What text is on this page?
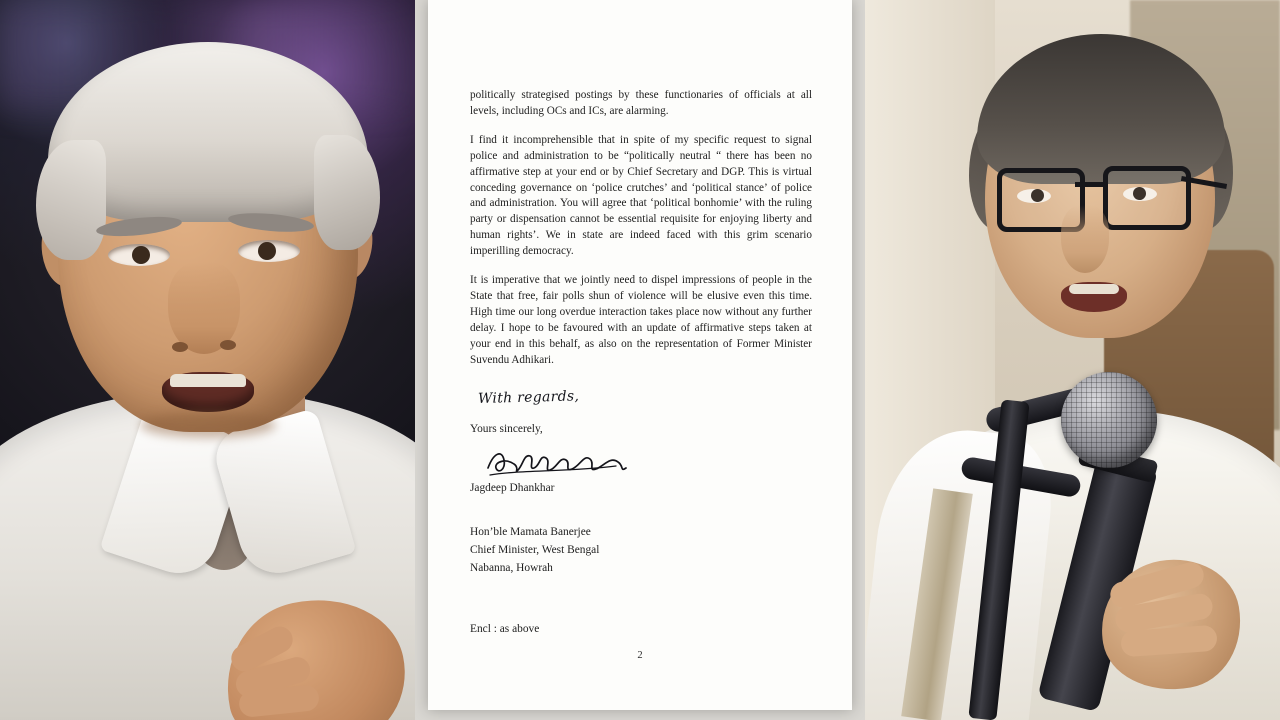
politically strategised postings by these functionaries of officials at all levels, including OCs and ICs, are alarming.

I find it incomprehensible that in spite of my specific request to signal police and administration to be “politically neutral “ there has been no affirmative step at your end or by Chief Secretary and DGP. This is virtual conceding governance on ‘police crutches’ and ‘political stance’ of police and administration. You will agree that ‘political bonhomie’ with the ruling party or dispensation cannot be essential requisite for enjoying liberty and human rights’. We in state are indeed faced with this grim scenario imperilling democracy.

It is imperative that we jointly need to dispel impressions of people in the State that free, fair polls shun of violence will be elusive even this time. High time our long overdue interaction takes place now without any further delay. I hope to be favoured with an update of affirmative steps taken at your end in this behalf, as also on the representation of Former Minister Suvendu Adhikari.

With regards,

Yours sincerely,

Jagdeep Dhankhar

Hon’ble Mamata Banerjee

Chief Minister, West Bengal

Nabanna, Howrah

Encl : as above

2
